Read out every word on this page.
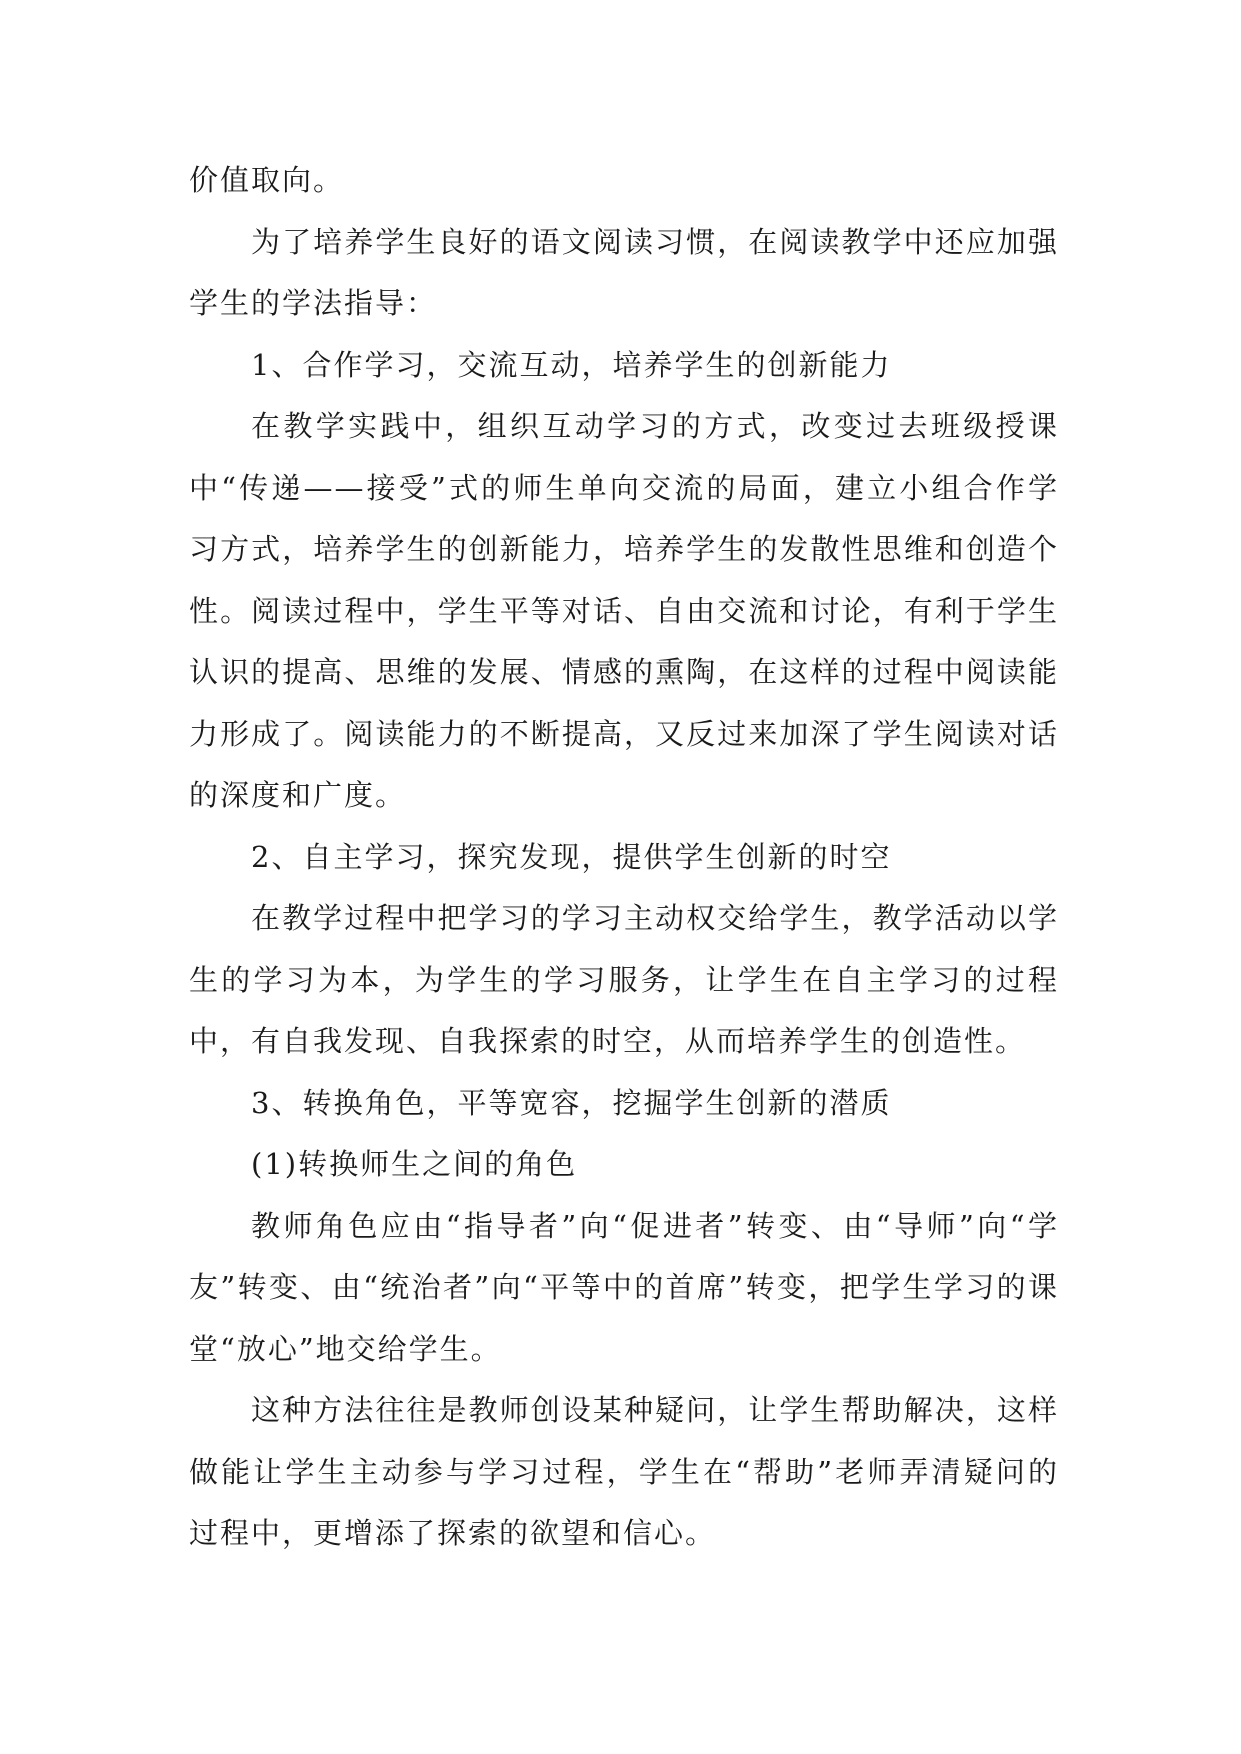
价值取向。

为了培养学生良好的语文阅读习惯，在阅读教学中还应加强学生的学法指导：

1、合作学习，交流互动，培养学生的创新能力

在教学实践中，组织互动学习的方式，改变过去班级授课中“传递——接受”式的师生单向交流的局面，建立小组合作学习方式，培养学生的创新能力，培养学生的发散性思维和创造个性。阅读过程中，学生平等对话、自由交流和讨论，有利于学生认识的提高、思维的发展、情感的熏陶，在这样的过程中阅读能力形成了。阅读能力的不断提高，又反过来加深了学生阅读对话的深度和广度。

2、自主学习，探究发现，提供学生创新的时空

在教学过程中把学习的学习主动权交给学生，教学活动以学生的学习为本，为学生的学习服务，让学生在自主学习的过程中，有自我发现、自我探索的时空，从而培养学生的创造性。

3、转换角色，平等宽容，挖掘学生创新的潜质

(1)转换师生之间的角色

教师角色应由“指导者”向“促进者”转变、由“导师”向“学友”转变、由“统治者”向“平等中的首席”转变，把学生学习的课堂“放心”地交给学生。

这种方法往往是教师创设某种疑问，让学生帮助解决，这样做能让学生主动参与学习过程，学生在“帮助”老师弄清疑问的过程中，更增添了探索的欲望和信心。
